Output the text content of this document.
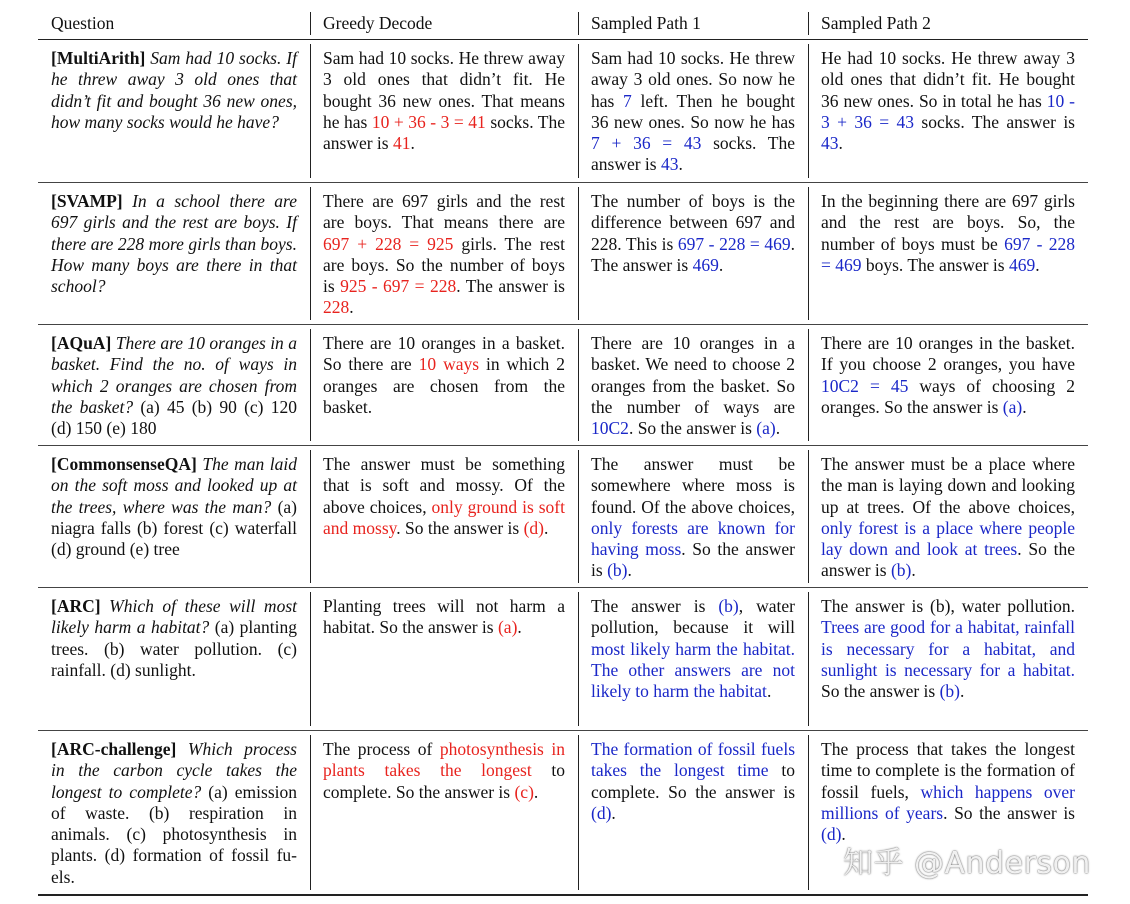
Question	Greedy Decode	Sampled Path 1	Sampled Path 2
[MultiArith] Sam had 10 socks. If he threw away 3 old ones that didn’t fit and bought 36 new ones, how many socks would he have?
Sam had 10 socks. He threw away 3 old ones that didn’t fit. He bought 36 new ones. That means he has 10 + 36 - 3 = 41 socks. The answer is 41.
Sam had 10 socks. He threw away 3 old ones. So now he has 7 left. Then he bought 36 new ones. So now he has 7 + 36 = 43 socks. The answer is 43.
He had 10 socks. He threw away 3 old ones that didn’t fit. He bought 36 new ones. So in total he has 10 - 3 + 36 = 43 socks. The answer is 43.
[SVAMP] In a school there are 697 girls and the rest are boys. If there are 228 more girls than boys. How many boys are there in that school?
There are 697 girls and the rest are boys. That means there are 697 + 228 = 925 girls. The rest are boys. So the number of boys is 925 - 697 = 228. The answer is 228.
The number of boys is the difference between 697 and 228. This is 697 - 228 = 469. The answer is 469.
In the beginning there are 697 girls and the rest are boys. So, the number of boys must be 697 - 228 = 469 boys. The answer is 469.
[AQuA] There are 10 oranges in a basket. Find the no. of ways in which 2 oranges are chosen from the basket? (a) 45 (b) 90 (c) 120 (d) 150 (e) 180
There are 10 oranges in a basket. So there are 10 ways in which 2 oranges are chosen from the basket.
There are 10 oranges in a basket. We need to choose 2 oranges from the basket. So the number of ways are 10C2. So the answer is (a).
There are 10 oranges in the basket. If you choose 2 oranges, you have 10C2 = 45 ways of choosing 2 oranges. So the answer is (a).
[CommonsenseQA] The man laid on the soft moss and looked up at the trees, where was the man? (a) niagra falls (b) forest (c) waterfall (d) ground (e) tree
The answer must be something that is soft and mossy. Of the above choices, only ground is soft and mossy. So the answer is (d).
The answer must be somewhere where moss is found. Of the above choices, only forests are known for having moss. So the answer is (b).
The answer must be a place where the man is laying down and looking up at trees. Of the above choices, only forest is a place where people lay down and look at trees. So the answer is (b).
[ARC] Which of these will most likely harm a habitat? (a) planting trees. (b) water pollution. (c) rainfall. (d) sunlight.
Planting trees will not harm a habitat. So the answer is (a).
The answer is (b), water pollution, because it will most likely harm the habitat. The other answers are not likely to harm the habitat.
The answer is (b), water pollution. Trees are good for a habitat, rainfall is necessary for a habitat, and sunlight is necessary for a habitat. So the answer is (b).
[ARC-challenge] Which process in the carbon cycle takes the longest to complete? (a) emission of waste. (b) respiration in animals. (c) photosynthesis in plants. (d) formation of fossil fuels.
The process of photosynthesis in plants takes the longest to complete. So the answer is (c).
The formation of fossil fuels takes the longest time to complete. So the answer is (d).
The process that takes the longest time to complete is the formation of fossil fuels, which happens over millions of years. So the answer is (d).
知乎 @Anderson
